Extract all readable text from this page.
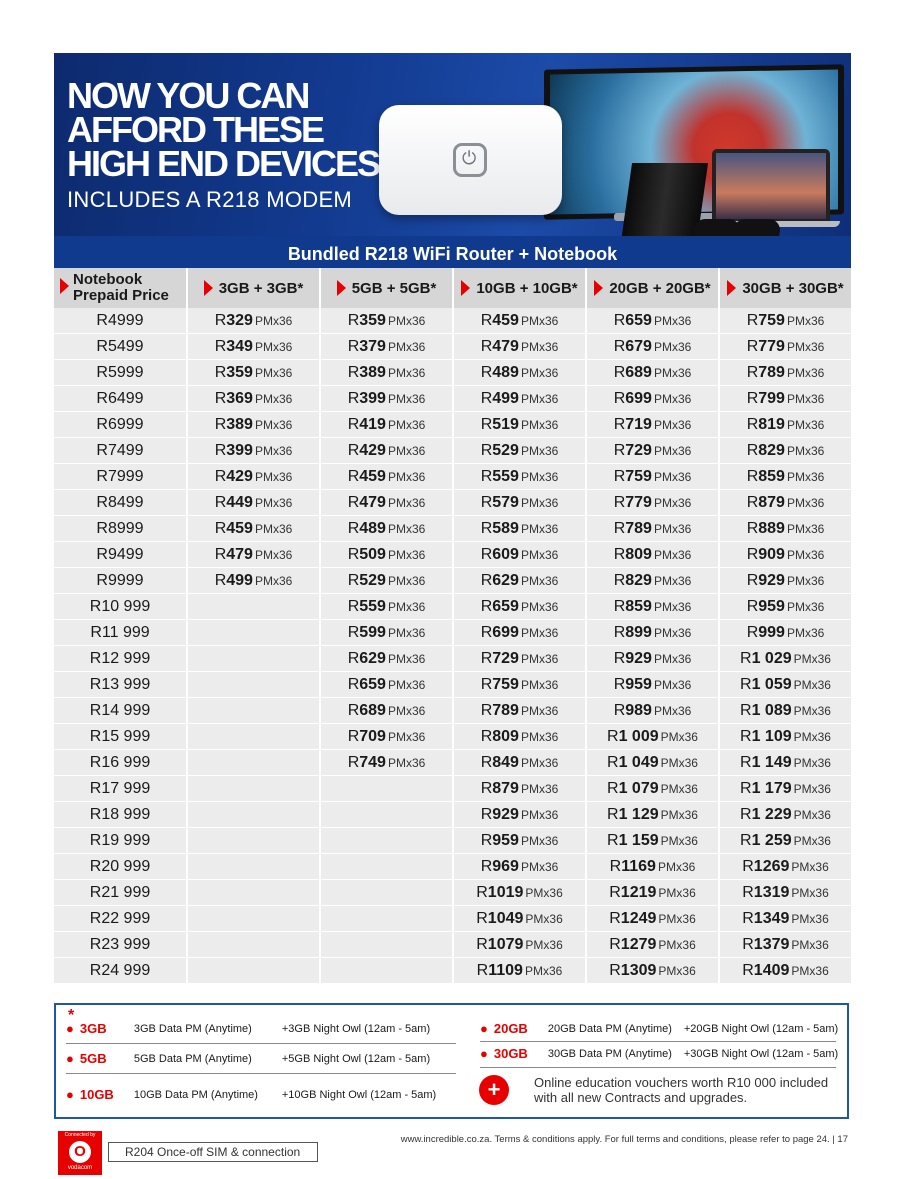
NOW YOU CAN
AFFORD THESE
HIGH END DEVICES
INCLUDES A R218 MODEM
⏻
Bundled R218 WiFi Router + Notebook
Notebook
Prepaid Price	3GB + 3GB*	5GB + 5GB*	10GB + 10GB*	20GB + 20GB*	30GB + 30GB*
R4999	R329 PMx36	R359 PMx36	R459 PMx36	R659 PMx36	R759 PMx36
R5499	R349 PMx36	R379 PMx36	R479 PMx36	R679 PMx36	R779 PMx36
R5999	R359 PMx36	R389 PMx36	R489 PMx36	R689 PMx36	R789 PMx36
R6499	R369 PMx36	R399 PMx36	R499 PMx36	R699 PMx36	R799 PMx36
R6999	R389 PMx36	R419 PMx36	R519 PMx36	R719 PMx36	R819 PMx36
R7499	R399 PMx36	R429 PMx36	R529 PMx36	R729 PMx36	R829 PMx36
R7999	R429 PMx36	R459 PMx36	R559 PMx36	R759 PMx36	R859 PMx36
R8499	R449 PMx36	R479 PMx36	R579 PMx36	R779 PMx36	R879 PMx36
R8999	R459 PMx36	R489 PMx36	R589 PMx36	R789 PMx36	R889 PMx36
R9499	R479 PMx36	R509 PMx36	R609 PMx36	R809 PMx36	R909 PMx36
R9999	R499 PMx36	R529 PMx36	R629 PMx36	R829 PMx36	R929 PMx36
R10 999		R559 PMx36	R659 PMx36	R859 PMx36	R959 PMx36
R11 999		R599 PMx36	R699 PMx36	R899 PMx36	R999 PMx36
R12 999		R629 PMx36	R729 PMx36	R929 PMx36	R1 029 PMx36
R13 999		R659 PMx36	R759 PMx36	R959 PMx36	R1 059 PMx36
R14 999		R689 PMx36	R789 PMx36	R989 PMx36	R1 089 PMx36
R15 999		R709 PMx36	R809 PMx36	R1 009 PMx36	R1 109 PMx36
R16 999		R749 PMx36	R849 PMx36	R1 049 PMx36	R1 149 PMx36
R17 999			R879 PMx36	R1 079 PMx36	R1 179 PMx36
R18 999			R929 PMx36	R1 129 PMx36	R1 229 PMx36
R19 999			R959 PMx36	R1 159 PMx36	R1 259 PMx36
R20 999			R969 PMx36	R1169 PMx36	R1269 PMx36
R21 999			R1019 PMx36	R1219 PMx36	R1319 PMx36
R22 999			R1049 PMx36	R1249 PMx36	R1349 PMx36
R23 999			R1079 PMx36	R1279 PMx36	R1379 PMx36
R24 999			R1109 PMx36	R1309 PMx36	R1409 PMx36
*
● 3GB	3GB Data PM (Anytime)	+3GB Night Owl (12am - 5am)
● 5GB	5GB Data PM (Anytime)	+5GB Night Owl (12am - 5am)
● 10GB	10GB Data PM (Anytime)	+10GB Night Owl (12am - 5am)
● 20GB	20GB Data PM (Anytime)	+20GB Night Owl (12am - 5am)
● 30GB	30GB Data PM (Anytime)	+30GB Night Owl (12am - 5am)
+	Online education vouchers worth R10 000 included with all new Contracts and upgrades.
Connected by
O
vodacom
R204 Once-off SIM & connection
www.incredible.co.za. Terms & conditions apply. For full terms and conditions, please refer to page 24. | 17
